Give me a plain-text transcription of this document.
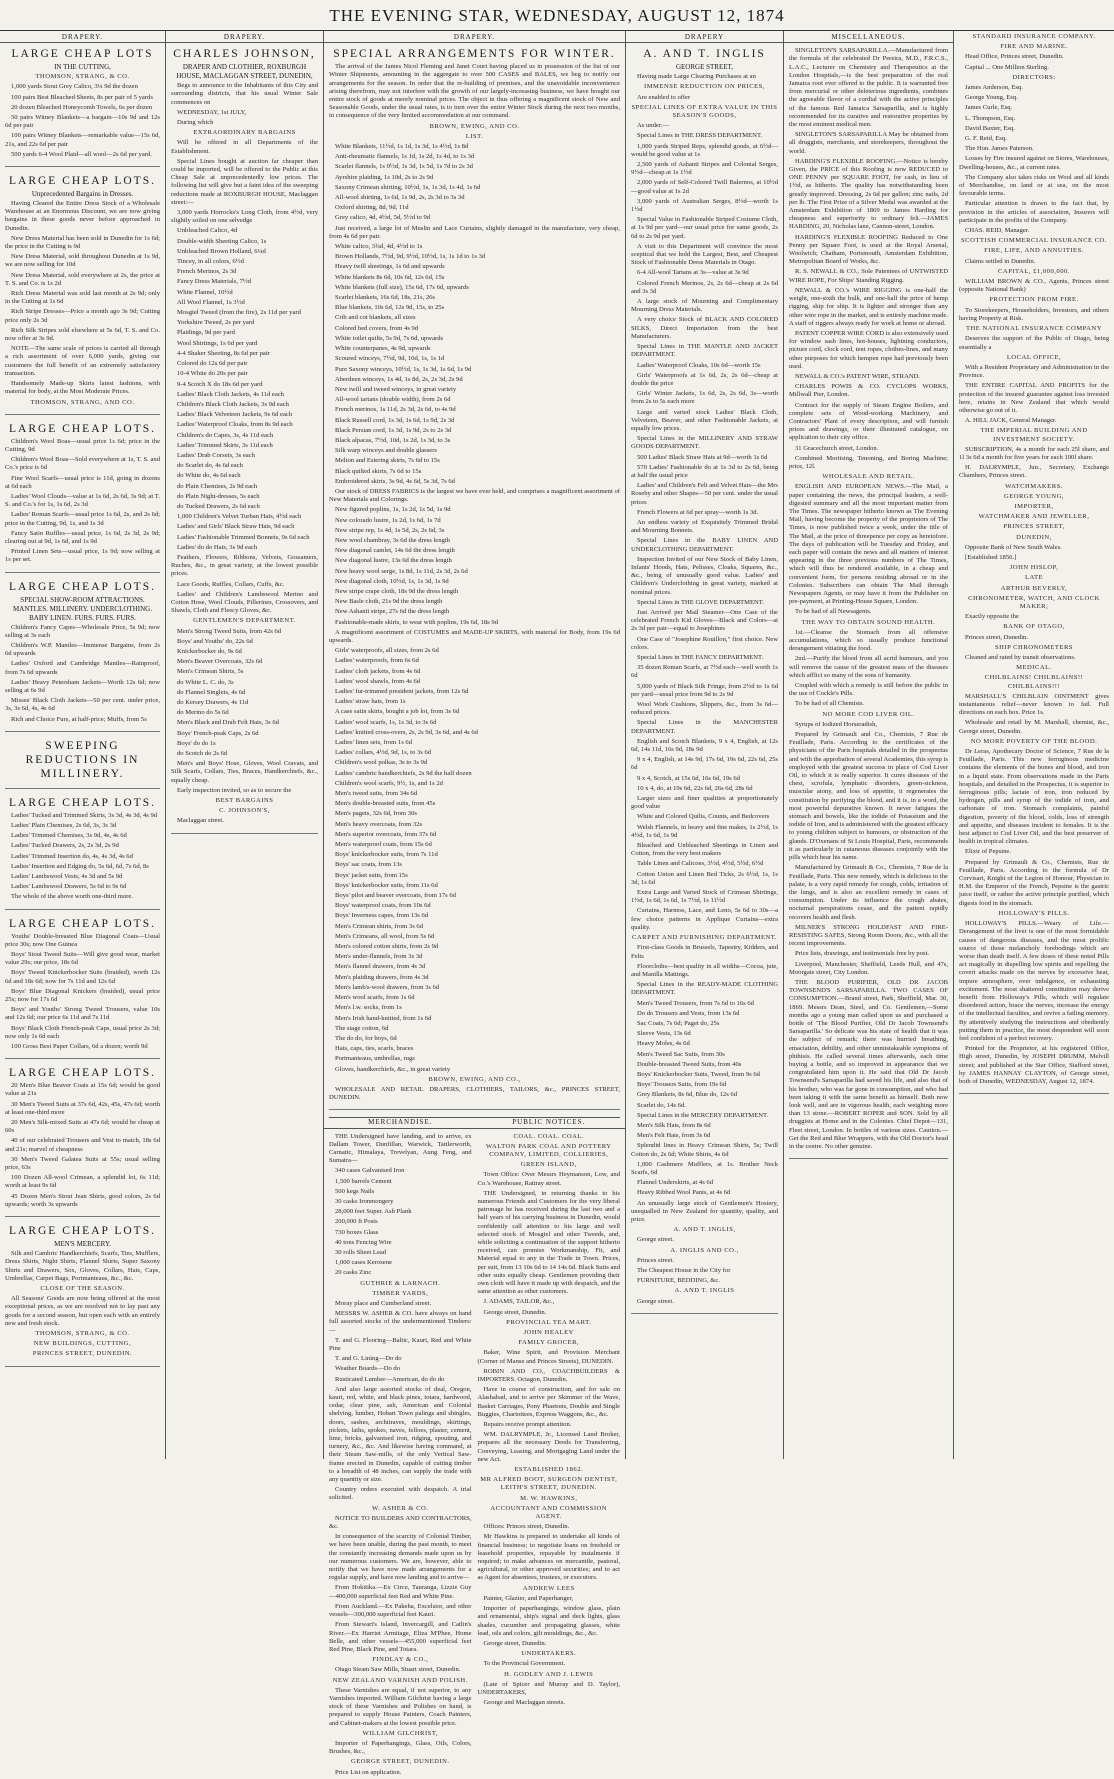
THE EVENING STAR, WEDNESDAY, AUGUST 12, 1874
DRAPERY.
LARGE CHEAP LOTS
IN THE CUTTING,

THOMSON, STRANG, & CO.

1,000 yards Stout Grey Calico, 3¼ 9d the dozen

100 pairs Best Bleached Sheets, 8s per pair of 5 yards

20 dozen Bleached Honeycomb Towels, 6s per dozen

50 pairs Witney Blankets—a bargain—10s 9d and 12s 6d per pair

100 pairs Witney Blankets—remarkable value—15s 6d, 21s, and 22s 6d per pair

500 yards 6-4 Wool Plaid—all wool—2s 6d per yard.

LARGE CHEAP LOTS.
Unprecedented Bargains in Dresses.

Having Cleared the Entire Dress Stock of a Wholesale Warehouse at an Enormous Discount, we are now giving bargains in these goods never before approached in Dunedin.

New Dress Material has been sold in Dunedin for 1s 6d; the price in the Cutting is 9d

New Dress Material, sold throughout Dunedin at 1s 9d, we are now selling for 10d

New Dress Material, sold everywhere at 2s, the price at T. S. and Co. is 1s 2d

Rich Dress Material was sold last month at 2s 9d; only in the Cutting at 1s 6d

Rich Stripe Dresses—Price a month ago 3s 9d; Cutting price only 2s 3d

Rich Silk Stripes sold elsewhere at 5s 6d, T. S. and Co. now offer at 3s 9d.

NOTE—The same scale of prices is carried all through a rich assortment of over 6,000 yards, giving our customers the full benefit of an extremely satisfactory transaction.

Handsomely Made-up Skirts latest fashions, with material for body, at the Most Moderate Prices.

THOMSON, STRANG, AND CO.

LARGE CHEAP LOTS.

Children's Wool Boas—usual price 1s 6d; price in the Cutting, 9d

Children's Wool Boas—Sold everywhere at 1s, T. S. and Co.'s price is 6d

Fine Wool Scarfs—usual price is 11d, going in dozens at 6d each

Ladies' Wool Clouds—value at 1s 6d, 2s 6d, 3s 9d; at T. S. and Co.'s for 1s, 1s 6d, 2s 3d

Ladies' Roman Scarfs—usual price 1s 6d, 2s, and 2s 6d; price in the Cutting, 9d, 1s, and 1s 3d

Fancy Satin Ruffles—usual price, 1s 6d, 2s 3d, 2s 9d; clearing out at 9d, 1s 6d, and 1s 9d

Printed Linen Sets—usual price, 1s 9d; now selling at 1s per set.

LARGE CHEAP LOTS.
SPECIAL SHOW-ROOM ATTRACTIONS. MANTLES. MILLINERY. UNDERCLOTHING. BABY LINEN. FURS. FURS. FURS.

Children's Fancy Capes—Wholesale Price, 5s 9d; now selling at 3s each

Children's W.P. Mantles—Immense Bargains, from 2s 6d upwards

Ladies' Oxford and Cambridge Mantles—Rainproof, from 7s 6d upwards

Ladies' Heavy Petersham Jackets—Worth 12s 6d; now selling at 6s 9d

Misses' Black Cloth Jackets—50 per cent. under price, 3s, 3s 6d, 4s, 4s 6d

Rich and Choice Furs, at half-price; Muffs, from 5s

SWEEPING REDUCTIONS IN MILLINERY.
LARGE CHEAP LOTS.

Ladies' Tucked and Trimmed Skirts, 3s 3d, 4s 3d, 4s 9d

Ladies' Plain Chemises, 2s 6d, 3s, 3s 3d

Ladies' Trimmed Chemises, 3s 9d, 4s, 4s 6d

Ladies' Tucked Drawers, 2s, 2s 3d, 2s 9d

Ladies' Trimmed Insertion do, 4s, 4s 3d, 4s 6d

Ladies' Insertion and Edging do, 5s 6d, 6d, 7s 6d, 8s

Ladies' Lambswool Vests, 4s 3d and 5s 9d

Ladies' Lambswool Drawers, 5s 6d to 9s 6d

The whole of the above worth one-third more.

LARGE CHEAP LOTS.

Youths' Double-breasted Blue Diagonal Coats—Usual price 30s; now One Guinea

Boys' Stout Tweed Suits—Will give good wear, market value 29s; our price, 18s 6d

Boys' Tweed Knickerbocker Suits (braided), worth 12s 6d and 18s 6d; now for 7s 11d and 12s 6d

Boys' Blue Diagonal Knickers (braided), usual price 25s; now for 17s 6d

Boys' and Youths' Strong Tweed Trousers, value 10s and 12s 6d; our price 6s 11d and 7s 11d

Boys' Black Cloth French-peak Caps, usual price 2s 3d; now only 1s 6d each

100 Gross Best Paper Collars, 6d a dozen; worth 9d

LARGE CHEAP LOTS.

20 Men's Blue Beaver Coats at 15s 6d; would be good value at 21s

30 Men's Tweed Suits at 37s 6d, 42s, 45s, 47s 6d; worth at least one-third more

20 Men's Silk-mixed Suits at 47s 6d; would be cheap at 60s

40 of our celebrated Trousers and Vest to match, 18s 6d and 21s; marvel of cheapness

30 Men's Tweed Galatea Suits at 55s; usual selling price, 63s

100 Dozen All-wool Crimean, a splendid lot, 6s 11d; worth at least 9s 6d

45 Dozen Men's Stout Jean Shirts, good colors, 2s 6d upwards; worth 3s upwards

LARGE CHEAP LOTS.
MEN'S MERCERY.

Silk and Cambric Handkerchiefs, Scarfs, Ties, Mufflers, Dress Shirts, Night Shirts, Flannel Shirts, Super Saxony Shirts and Drawers, Sox, Gloves, Collars, Hats, Caps, Umbrellas, Carpet Bags, Portmanteaus, &c., &c.

CLOSE OF THE SEASON.

All Seasons' Goods are now being offered at the most exceptional prices, as we are resolved not to lay past any goods for a second season, but open each with an entirely new and fresh stock.

THOMSON, STRANG, & CO.

NEW BUILDINGS, CUTTING,

PRINCES STREET, DUNEDIN.

DRAPERY.
CHARLES JOHNSON,
DRAPER AND CLOTHIER, ROXBURGH HOUSE, MACLAGGAN STREET, DUNEDIN,

Begs to announce to the Inhabitants of this City and surrounding districts, that his usual Winter Sale commences on

WEDNESDAY, 1st JULY,

During which

EXTRAORDINARY BARGAINS

Will be offered in all Departments of the Establishment.

Special Lines bought at auction far cheaper than could be imported, will be offered to the Public at this Cheap Sale at unprecedentedly low prices. The following list will give but a faint idea of the sweeping reductions made at ROXBURGH HOUSE, Maclaggan street:—

3,000 yards Horrocks's Long Cloth, from 4½d, very slightly soiled on one selvedge

Unbleached Calico, 4d

Double-width Sheeting Calico, 1s

Unbleached Brown Holland, 6¼d

Tincey, in all colors, 6½d

French Merinos, 2s 3d

Fancy Dress Materials, 7½d

White Flannel, 10½d

All Wool Flannel, 1s 3½d

Mosgiel Tweed (from the fire), 2s 11d per yard

Yorkshire Tweed, 2s per yard

Plaidings, 9d per yard

Wool Shirtings, 1s 6d per yard

4-4 Shaker Sheeting, 8s 6d per pair

Colored do 12s 6d per pair

10-4 White do 20s per pair

9-4 Scotch X do 18s 6d per yard

Ladies' Black Cloth Jackets, 4s 11d each

Children's Black Cloth Jackets, 3s 9d each

Ladies' Black Velveteen Jackets, 9s 6d each

Ladies' Waterproof Cloaks, from 8s 9d each

Children's do Capes, 3s, 4s 11d each

Ladies' Trimmed Skirts, 3s 11d each

Ladies' Drab Corsets, 3s each

do Scarlet do, 4s 6d each

do White do, 4s 6d each

do Plain Chemises, 2s 9d each

do Plain Night-dresses, 5s each

do Tucked Drawers, 2s 6d each

1,000 Children's Velvet Turban Hats, 4½d each

Ladies' and Girls' Black Straw Hats, 9d each

Ladies' Fashionable Trimmed Bonnets, 9s 6d each

Ladies' do do Hats, 3s 9d each

Feathers, Flowers, Ribbons, Velvets, Gossamers, Ruches, &c., in great variety, at the lowest possible prices.

Lace Goods, Ruffles, Collars, Cuffs, &c.

Ladies' and Children's Lambswool Merino and Cotton Hose, Wool Clouds, Pillerines, Crossovers, and Shawls, Cloth and Fleecy Gloves, &c.

GENTLEMEN'S DEPARTMENT.

Men's Strong Tweed Suits, from 42s 6d

Boys' and Youths' do, 22s 6d

Knickerbocker do, 9s 6d

Men's Beaver Overcoats, 32s 6d

Men's Crimean Shirts, 5s

do White L. C. do, 3s

do Flannel Singlets, 4s 6d

do Kersey Drawers, 4s 11d

do Merino do 5s 6d

Men's Black and Drab Felt Hats, 3s 6d

Boys' French-peak Caps, 2s 6d

Boys' do do 1s

do Scotch do 2s 6d

Men's and Boys' Hose, Gloves, Wool Cravats, and Silk Scarfs, Collars, Ties, Braces, Handkerchiefs, &c., equally cheap.

Early inspection invited, so as to secure the

BEST BARGAINS

C. JOHNSON'S,

Maclaggan street.

DRAPERY.
SPECIAL ARRANGEMENTS FOR WINTER.

The arrival of the James Nicol Fleming and Janet Court having placed us in possession of the list of our Winter Shipments, amounting in the aggregate to over 500 CASES and BALES, we beg to notify our arrangements for the season. In order that the re-building of premises, and the unavoidable inconvenience arising therefrom, may not interfere with the growth of our largely-increasing business, we have bought our entire stock of goods at merely nominal prices. The object in thus offering a magnificent stock of New and Seasonable Goods, under the usual rates, is to turn over the entire Winter Stock during the next two months, in consequence of the very limited accommodation at our command.

BROWN, EWING, AND CO.

LIST.

White Blankets, 11½d, 1s 1d, 1s 3d, 1s 4½d, 1s 8d

Anti-rheumatic flannels, 1s 1d, 1s 2d, 1s 4d, to 1s 3d

Scarlet flannels, 1s 0½d, 1s 3d, 1s 5d, 1s 7d to 2s 3d

Ayrshire plaiding, 1s 10d, 2s to 2s 9d

Saxony Crimean shirting, 10½d, 1s, 1s 3d, 1s 4d, 1s 6d

All-wool shirting, 1s 6d, 1s 9d, 2s, 2s 3d to 3s 3d

Oxford shirting, 8d, 9d, 11d

Grey calico, 4d, 4½d, 5d, 5½d to 9d

Just received, a large lot of Muslin and Lace Curtains, slightly damaged in the manufacture, very cheap, from 4s 6d per pair.

White calico, 3¾d, 4d, 4½d to 1s

Brown Hollands, 7½d, 9d, 9½d, 10½d, 1s, 1s 1d to 1s 3d

Heavy twill sheetings, 1s 6d and upwards

White blankets 8s 6d, 10s 6d, 12s 6d, 15s

White blankets (full size), 15s 6d, 17s 6d, upwards

Scarlet blankets, 16s 6d, 18s, 21s, 26s

Blue blankets, 10s 6d, 12s 9d, 15s, to 25s

Crib and cot blankets, all sizes

Colored bed covers, from 4s 9d

White toilet quilts, 5s 9d, 7s 6d, upwards

White counterpanes, 4s 9d, upwards

Scoured winceys, 7½d, 9d, 10d, 1s, 1s 1d

Pure Saxony winceys, 10½d, 1s, 1s 3d, 1s 6d, 1s 9d

Aberdeen winceys, 1s 4d, 1s 8d, 2s, 2s 3d, 2s 9d

New twill and tweed winceys, in great variety

All-wool tartans (double width), from 2s 6d

French merinos, 1s 11d, 2s 3d, 2s 6d, to 4s 9d

Black Russell cord, 1s 3d, 1s 6d, 1s 9d, 2s 3d

Black Persian cord, 1s 3d, 1s 9d, 2s to 2s 3d

Black alpacas, 7½d, 10d, 1s 2d, 1s 3d, to 3s

Silk warp winceys and double glassers

Melton and Estering skirts, 7s 6d to 15s

Black quilted skirts, 7s 6d to 15s

Embroidered skirts, 3s 9d, 4s 6d, 5s 3d, 7s 6d

Our stock of DRESS FABRICS is the largest we have ever held, and comprises a magnificent assortment of New Materials and Colorings.

New figured poplins, 1s, 1s 2d, 1s 5d, 1s 9d

New colorado lustre, 1s 2d, 1s 6d, 1s 7d

New stripe rep, 1s 4d, 1s 5d, 2s, 2s 6d, 3s

New wool chambray, 3s 6d the dress length

New diagonal camlet, 14s 6d the dress length

New diagonal lustre, 13s 6d the dress length

New heavy wool serge, 1s 8d, 1s 11d, 2s 3d, 2s 6d

New diagonal cloth, 10½d, 1s, 1s 3d, 1s 9d

New stripe crape cloth, 18s 9d the dress length

New Basle cloth, 21s 9d the dress length

New Ashanti stripe, 27s 6d the dress length

Fashionable-made skirts, to wear with poplins, 19s 6d, 18s 9d

A magnificent assortment of COSTUMES and MADE-UP SKIRTS, with material for Body, from 19s 6d upwards.

Girls' waterproofs, all sizes, from 2s 6d

Ladies' waterproofs, from 6s 6d

Ladies' cloth jackets, from 4s 6d

Ladies' wool shawls, from 4s 6d

Ladies' fur-trimmed president jackets, from 12s 6d

Ladies' straw hats, from 1s

A case satin skirts, bought a job lot, from 3s 6d

Ladies' wool scarfs, 1s, 1s 3d, to 3s 6d

Ladies' knitted cross-overs, 2s, 2s 9d, 3s 6d, and 4s 6d

Ladies' linen sets, from 1s 6d

Ladies' collars, 4½d, 9d, 1s, to 3s 6d

Children's wool polkas, 3s to 3s 9d

Ladies' cambric handkerchiefs, 2s 9d the half dozen

Children's wool scarfs, 9½, 1s, and 1s 2d

Men's tweed suits, from 34s 6d

Men's double-breasted suits, from 45s

Men's pagets, 32s 6d, from 30s

Men's heavy overcoats, from 32s

Men's superior overcoats, from 37s 6d

Men's waterproof coats, from 15s 6d

Boys' knickerbocker suits, from 7s 11d

Boys' sac coats, from 13s

Boys' jacket suits, from 15s

Boys' knickerbocker suits, from 11s 6d

Boys' pilot and beaver overcoats, from 17s 6d

Boys' waterproof coats, from 10s 6d

Boys' Inverness capes, from 13s 6d

Men's Crimean shirts, from 3s 6d

Men's Crimeans, all wool, from 5s 6d

Men's colored cotton shirts, from 2s 9d

Men's under-flannels, from 3s 3d

Men's flannel drawers, from 4s 3d

Men's plaiding drawers, from 4s 3d

Men's lamb's-wool drawers, from 3s 6d

Men's wool scarfs, from 1s 6d

Men's l.w. socks, from 1s

Men's Irish hand-knitted, from 1s 6d

The stage cotton, 6d

The do do, for boys, 6d

Hats, caps, ties, scarfs, braces

Portmanteaus, umbrellas, rugs

Gloves, handkerchiefs, &c., in great variety

BROWN, EWING, AND CO.,

WHOLESALE AND RETAIL DRAPERS, CLOTHIERS, TAILORS, &c., PRINCES STREET, DUNEDIN.

MERCHANDISE.

THE Undersigned have landing, and to arrive, ex Dallam Tower, Dunfillan, Warwick, Tattlerworth, Carnatic, Himalaya, Trevelyan, Aung Feng, and Sumatra—

340 cases Galvanised Iron

1,500 barrels Cement

500 kegs Nails

30 casks Ironmongery

28,000 feet Super. Ash Plank

200,000 ft Posts

730 boxes Glass

40 tons Fencing Wire

30 rolls Sheet Lead

1,000 cases Kerosene

20 casks Zinc

GUTHRIE & LARNACH.

TIMBER YARDS,

Moray place and Cumberland street.

MESSRS W. ASHER & CO. have always on hand full assorted stocks of the undermentioned Timbers:—

T. and G. Flooring—Baltic, Kauri, Red and White Pine

T. and G. Lining—Do do

Weather Boards—Do do

Rusticated Lumber—American, do do do

And also large assorted stocks of deal, Oregon, kauri, red, white, and black pines, totara, hardwood, cedar, clear pine, ash, American and Colonial shelving, lumber, Hobart Town palings and shingles, doors, sashes, architraves, mouldings, skirtings, pickets, laths, spokes, naves, felloes, plaster, cement, lime, bricks, galvanised iron, ridging, spouting, and turnery, &c., &c. And likewise having command, at their Steam Saw-mills, of the only Vertical Saw-frame erected in Dunedin, capable of cutting timber to a breadth of 48 inches, can supply the trade with any quantity or size.

Country orders executed with despatch. A trial solicited.

W. ASHER & CO.

NOTICE TO BUILDERS AND CONTRACTORS, &c.

In consequence of the scarcity of Colonial Timber, we have been unable, during the past month, to meet the constantly increasing demands made upon us by our numerous customers. We are, however, able to notify that we have now made arrangements for a regular supply, and have now landing and to arrive—

From Hokitika.—Ex Circe, Tauranga, Lizzie Guy—400,000 superficial feet Red and White Pine.

From Auckland.—Ex Pakeha, Excelsior, and other vessels—300,000 superficial feet Kauri.

From Stewart's Island, Invercargill, and Catlin's River.—Ex Harriet Armitage, Eliza M'Phee, Home Belle, and other vessels—455,000 superficial feet Red Pine, Black Pine, and Totara.

FINDLAY & CO.,

Otago Steam Saw Mills, Stuart street, Dunedin.

NEW ZEALAND VARNISH AND POLISH.

These Varnishes are equal, if not superior, to any Varnishes imported. William Gilchrist having a large stock of these Varnishes and Polishes on hand, is prepared to supply House Painters, Coach Painters, and Cabinet-makers at the lowest possible price.

WILLIAM GILCHRIST,

Importer of Paperhangings, Glass, Oils, Colors, Brushes, &c.,

GEORGE STREET, DUNEDIN.

Price List on application.

PUBLIC NOTICES.

COAL. COAL. COAL.

WALTON PARK COAL AND POTTERY COMPANY, LIMITED, COLLIERIES,

GREEN ISLAND,

Town Office: Over Messrs Heymanson, Low, and Co.'s Warehouse, Rattray street.

THE Undersigned, in returning thanks to his numerous Friends and Customers for the very liberal patronage he has received during the last two and a half years of his carrying business in Dunedin, would confidently call attention to his large and well selected stock of Mosgiel and other Tweeds, and, while soliciting a continuation of the support hitherto received, can promise Workmanship, Fit, and Material equal to any in the Trade in Town. Prices, per suit, from 13 10s 6d to 14 14s 6d. Black Suits and other suits equally cheap. Gentlemen providing their own cloth will have it made up with despatch, and the same attention as other customers.

J. ADAMS, TAILOR, &c.,

George street, Dunedin.

PROVINCIAL TEA MART.

JOHN HEALEY

FAMILY GROCER,

Baker, Wine Spirit, and Provision Merchant (Corner of Manse and Princes Streets), DUNEDIN.

ROBIN AND CO., COACHBUILDERS & IMPORTERS. Octagon, Dunedin.

Have in course of construction, and for sale on Alashabad, and to arrive per Skimmer of the Wave, Basket Carriages, Pony Phaetons, Double and Single Buggies, Chariottees, Express Waggons, &c., &c.

Repairs receive prompt attention.

WM. DALRYMPLE, Jr., Licensed Land Broker, prepares all the necessary Deeds for Transferring, Conveying, Leasing, and Mortgaging Land under the new Act.

ESTABLISHED 1862.

MR ALFRED BOOT, SURGEON DENTIST, LEITH'S STREET, DUNEDIN.

M. W. HAWKINS,

ACCOUNTANT AND COMMISSION AGENT.

Offices: Princes street, Dunedin.

Mr Hawkins is prepared to undertake all kinds of financial business; to negotiate loans on freehold or leasehold properties, repayable by instalments if required; to make advances on mercantile, pastoral, agricultural, or other approved securities; and to act as Agent for absentees, trustees, or executors.

ANDREW LEES

Painter, Glazier, and Paperhanger,

Importer of paperhangings, window glass, plain and ornamental, ship's signal and deck lights, glass shades, cucumber and propagating glasses, white lead, oils and colors, gilt mouldings, &c., &c.

George street, Dunedin.

UNDERTAKERS.

To the Provincial Government.

H. GODLEY AND J. LEWIS

(Late of Spicer and Murray and D. Taylor), UNDERTAKERS,

George and Maclaggan streets.

DRAPERY
A. AND T. INGLIS
GEORGE STREET,

Having made Large Clearing Purchases at an

IMMENSE REDUCTION ON PRICES,

Are enabled to offer

SPECIAL LINES OF EXTRA VALUE IN THIS SEASON'S GOODS,

As under:—

Special Lines in THE DRESS DEPARTMENT.

1,000 yards Striped Reps, splendid goods, at 6½d—would be good value at 1s

2,500 yards of Ashanti Stripes and Colonial Serges, 9½d—cheap at 1s 1½d

2,000 yards of Self-Colored Twill Balernos, at 10½d—good value at 1s 2d

3,000 yards of Australian Serges, 8½d—worth 1s 1½d

Special Value in Fashionable Striped Costume Cloth, at 1s 9d per yard—our usual price for same goods, 2s 6d to 2s 9d per yard.

A visit to this Department will convince the most sceptical that we hold the Largest, Best, and Cheapest Stock of Fashionable Dress Materials in Otago.

6-4 All-wool Tartans at 3s—value at 3s 9d

Colored French Merinos, 2s, 2s 6d—cheap at 2s 6d and 3s 3d

A large stock of Mourning and Complimentary Mourning Dress Materials.

A very choice Stock of BLACK AND COLORED SILKS, Direct Importation from the best Manufacturers.

Special Lines in THE MANTLE AND JACKET DEPARTMENT.

Ladies' Waterproof Cloaks, 10s 6d—worth 15s

Girls' Waterproofs at 1s 6d, 2s, 2s 6d—cheap at double the price

Girls' Winter Jackets, 1s 6d, 2s, 2s 6d, 3s—worth from 2s to 5s each more

Large and varied stock Ladies' Black Cloth, Velveteen, Beaver, and other Fashionable Jackets, at equally low prices.

Special Lines in the MILLINERY AND STRAW GOODS DEPARTMENT.

500 Ladies' Black Straw Hats at 9d—worth 1s 6d

570 Ladies' Fashionable do at 1s 3d to 2s 6d, being at half the usual price

Ladies' and Children's Felt and Velvet Hats—the Mrs Roseby and other Shapes—50 per cent. under the usual prices

French Flowers at 6d per spray—worth 1s 3d.

An endless variety of Exquisitely Trimmed Bridal and Mourning Bonnets.

Special Lines in the BABY LINEN AND UNDERCLOTHING DEPARTMENT.

Inspection Invited of our New Stock of Baby Linen, Infants' Hoods, Hats, Pelisses, Cloaks, Squares, &c., &c., being of unusually good value. Ladies' and Children's Underclothing in great variety, marked at nominal prices.

Special Lines in THE GLOVE DEPARTMENT.

Just Arrived per Mail Steamer—One Case of the celebrated French Kid Gloves—Black and Colors—at 2s 3d per pair—equal to Josephines

One Case of "Josephine Rouillon," first choice. New colors.

Special Lines in THE FANCY DEPARTMENT.

35 dozen Roman Scarfs, at 7½d each—well worth 1s 6d

5,000 yards of Black Silk Fringe, from 2½d to 1s 6d per yard—usual price from 9d to 2s 9d

Wool Work Cushions, Slippers, &c., from 3s 6d—reduced prices.

Special Lines in the MANCHESTER DEPARTMENT.

English and Scotch Blankets, 9 x 4, English, at 12s 6d, 14s 11d, 16s 9d, 18s 9d

9 x 4, English, at 14s 9d, 17s 6d, 19s 6d, 22s 6d, 25s 6d

9 x 4, Scotch, at 15s 6d, 16s 6d, 19s 6d

10 x 4, do, at 19s 6d, 22s 6d, 26s 6d, 28s 6d

Larger sizes and finer qualities at proportionately good value

White and Colored Quilts, Counts, and Bedcovers

Welsh Flannels, in heavy and fine makes, 1s 2½d, 1s 4½d, 1s 6d, 1s 9d

Bleached and Unbleached Sheetings in Linen and Cotton, from the very best makers

Table Linen and Calicoes, 3½d, 4½d, 5½d, 6½d

Cotton Union and Linen Bed Ticks, 2s 6½d, 1s, 1s 3d, 1s 6d

Extra Large and Varied Stock of Crimean Shirtings, 1½d, 1s 6d, 1s 6d, 1s 7½d, 1s 11½d

Curtains, Harness, Lace, and Leno, 5s 6d to 30s—a few choice patterns in Applique Curtains—extra quality.

CARPET AND FURNISHING DEPARTMENT.

First-class Goods in Brussels, Tapestry, Kidders, and Felts

Floorcloths—best quality in all widths—Cocoa, jute, and Manilla Mattings.

Special Lines in the READY-MADE CLOTHING DEPARTMENT.

Men's Tweed Trousers, from 7s 6d to 16s 6d

Do do Trousers and Vests, from 13s 6d

Sac Coats, 7s 6d; Paget do, 25s

Sleeve Vests, 13s 6d

Heavy Moles, 4s 6d

Men's Tweed Sac Suits, from 30s

Double-breasted Tweed Suits, from 40s

Boys' Knickerbocker Suits, Tweed, from 9s 6d

Boys' Trousers Suits, from 19s 6d

Grey Blankets, 8s 6d, Blue do, 12s 6d

Scarlet do, 14s 6d.

Special Lines in the MERCERY DEPARTMENT.

Men's Silk Hats, from 8s 6d

Men's Felt Hats, from 3s 6d

Splendid lines in Heavy Crimean Shirts, 5s; Twill Cotton do, 2s 6d; White Shirts, 4s 6d

1,000 Cashmere Mufflers, at 1s. Brother Neck Scarfs, 6d

Flannel Underskirts, at 4s 6d

Heavy Ribbed Wool Pants, at 4s 6d

An unusually large stock of Gentlemen's Hosiery, unequalled in New Zealand for quantity, quality, and price.

A. AND T. INGLIS,

George street.

A. INGLIS AND CO.,

Princes street.

The Cheapest House in the City for

FURNITURE, BEDDING, &c.

A. AND T. INGLIS

George street.

MISCELLANEOUS.

SINGLETON'S SARSAPARILLA.—Manufactured from the formula of the celebrated Dr Pereira, M.D., F.R.C.S., L.A.C., Lecturer on Chemistry and Therapeutics at the London Hospitals,—is the best preparation of the real Jamaica root ever offered to the public. It is warranted free from mercurial or other deleterious ingredients, combines the agreeable flavor of a cordial with the active principles of the famous Red Jamaica Sarsaparilla, and is highly recommended for its curative and restorative properties by the most eminent medical men.

SINGLETON'S SARSAPARILLA May be obtained from all druggists, merchants, and storekeepers, throughout the world.

HARDING'S FLEXIBLE ROOFING.—Notice is hereby Given, the PRICE of this Roofing is now REDUCED to ONE PENNY per SQUARE FOOT, for cash, in lieu of 1½d, as hitherto. The quality has notwithstanding been greatly improved. Dressing, 2s 6d per gallon; zinc nails, 2d per lb. The First Prize of a Silver Medal was awarded at the Amsterdam Exhibition of 1869 to James Harding for cheapness and superiority to ordinary felt.—JAMES HARDING, 20, Nicholas lane, Cannon-street, London.

HARDING'S FLEXIBLE ROOFING Reduced to One Penny per Square Foot, is used at the Royal Arsenal, Woolwich; Chatham, Portsmouth, Amsterdam Exhibition, Metropolitan Board of Works, &c.

R. S. NEWALL & CO., Sole Patentees of UNTWISTED WIRE ROPE, For Ships' Standing Rigging.

NEWALL & CO.'s WIRE RIGGING is one-half the weight, one-sixth the bulk, and one-half the price of hemp rigging, ship for ship. It is lighter and stronger than any other wire rope in the market, and is entirely machine made. A staff of riggers always ready for work at home or abroad.

PATENT COPPER WIRE CORD is also extensively used for window sash lines, hot-houses, lightning conductors, picture cord, clock cord, tent ropes, clothes-lines, and many other purposes for which hempen rope had previously been used.

NEWALL & CO.'s PATENT WIRE, STRAND.

CHARLES POWIS & CO. CYCLOPS WORKS, Millwall Pier, London.

Contract for the supply of Steam Engine Boilers, and complete sets of Wood-working Machinery, and Contractors' Plant of every description, and will furnish prices and drawings, or their illustrated catalogue, on application to their city office.

31 Gracechurch street, London.

Combined Mortising, Tenoning, and Boring Machine; price, 12l.

WHOLESALE AND RETAIL.

ENGLISH AND EUROPEAN NEWS.—The Mail, a paper containing the news, the principal leaders, a well-digested summary and all the most important matter from The Times. The newspaper hitherto known as The Evening Mail, having become the property of the proprietors of The Times, is now published twice a week, under the title of The Mail, at the price of threepence per copy as heretofore. The days of publication will be Tuesday and Friday, and each paper will contain the news and all matters of interest appearing in the three previous numbers of The Times, which will thus be rendered available, in a cheap and convenient form, for persons residing abroad or in the Colonies. Subscribers can obtain The Mail through Newspapers Agents, or may have it from the Publisher on pre-payment, at Printing-House Square, London.

To be had of all Newsagents.

THE WAY TO OBTAIN SOUND HEALTH.

1st.—Cleanse the Stomach from all offensive accumulations, which so usually produce functional derangement vitiating the food.

2nd.—Purify the blood from all acrid humours, and you will remove the cause of the greatest mass of the diseases which afflict so many of the sons of humanity.

Coupled with which a remedy is still before the public in the use of Cockle's Pills.

To be had of all Chemists.

NO MORE COD LIVER OIL.

Syrups of Iodized Horseradish,

Prepared by Grimault and Co., Chemists, 7 Rue de Feuillade, Paris. According to the certificates of the physicians of the Paris hospitals detailed in the prospectus and with the approbation of several Academies, this syrup is employed with the greatest success in place of Cod Liver Oil, to which it is really superior. It cures diseases of the chest, scrofula, lymphatic disorders, green-sickness, muscular atony, and loss of appetite, it regenerates the constitution by purifying the blood, and it is, in a word, the most powerful depurative known. It never fatigues the stomach and bowels, like the iodide of Potassium and the iodide of Iron, and is administered with the greatest efficacy to young children subject to humours, or obstruction of the glands. D'Oxenans of St Louis Hospital, Paris, recommends it as particularly in cutaneous diseases conjointly with the pills which bear his name.

Manufactured by Grimault & Co., Chemists, 7 Rue de la Feuillade, Paris. This new remedy, which is delicious to the palate, is a very rapid remedy for cough, colds, irritation of the lungs, and is also an excellent remedy in cases of consumption. Under its influence the cough abates, nocturnal perspirations cease, and the patient rapidly recovers health and flesh.

MILNER'S STRONG HOLDFAST AND FIRE-RESISTING SAFES, Strong Room Doors, &c., with all the recent improvements.

Price lists, drawings, and testimonials free by post.

Liverpool, Manchester, Sheffield, Leeds Hull, and 47s, Moorgate street, City London.

THE BLOOD PURIFIER, OLD DR JACOB TOWNSEND'S SARSAPARILLA. TWO CASES OF CONSUMPTION.—Brand street, Park, Sheffield, Mar. 30, 1869. Messrs Dean, Steel, and Co. Gentlemen,—Some months ago a young man called upon us and purchased a bottle of 'The Blood Purifier, Old Dr Jacob Townsend's Sarsaparilla.' So delicate was his state of health that it was the subject of remark; there was hurried breathing, emaciation, debility, and other unmistakeable symptoms of phthisis. He called several times afterwards, each time buying a bottle, and so improved in appearance that we congratulated him upon it. He said that Old Dr Jacob Townsend's Sarsaparilla had saved his life, and also that of his brother, who was far gone in consumption, and who had been taking it with the same benefit as himself. Both now look well, and are in vigorous health, each weighing more than 13 stone.—ROBERT ROPER and SON. Sold by all druggists at Home and in the Colonies. Chief Depot—131, Fleet street, London. In bottles of various sizes. Caution.—Get the Red and Blue Wrappers, with the Old Doctor's head in the centre. No other genuine.

STANDARD INSURANCE COMPANY.

FIRE AND MARINE.

Head Office, Princes street, Dunedin.

Capital ... One Million Sterling.

DIRECTORS:

James Anderson, Esq.

George Young, Esq.

James Curle, Esq.

L. Thompson, Esq.

David Baxter, Esq.

G. F. Reid, Esq.

The Hon. James Paterson.

Losses by Fire insured against on Stores, Warehouses, Dwelling-houses, &c., at current rates.

The Company also takes risks on Wool and all kinds of Merchandise, on land or at sea, on the most favourable terms.

Particular attention is drawn to the fact that, by provision in the articles of association, Insurers will participate in the profits of the Company.

CHAS. REID, Manager.

SCOTTISH COMMERCIAL INSURANCE CO.

FIRE, LIFE, AND ANNUITIES.

Claims settled in Dunedin.

CAPITAL, £1,000,000.

WILLIAM BROWN & CO., Agents, Princes street (opposite National Bank)

PROTECTION FROM FIRE.

To Storekeepers, Householders, Investors, and others having Property at Risk.

THE NATIONAL INSURANCE COMPANY

Deserves the support of the Public of Otago, being essentially a

LOCAL OFFICE,

With a Resident Proprietary and Administration in the Province.

THE ENTIRE CAPITAL AND PROFITS for the protection of the insured guarantee against loss invested here, retains in New Zealand that which would otherwise go out of it.

A. HILL JACK, General Manager.

THE IMPERIAL BUILDING AND INVESTMENT SOCIETY.

SUBSCRIPTION, 4s a month for each 25l share, and 1l 3s 6d a month for five years for each 100l share.

H. DALRYMPLE, Jun., Secretary, Exchange Chambers, Princes street.

WATCHMAKERS.

GEORGE YOUNG,

IMPORTER,

WATCHMAKER AND JEWELLER,

PRINCES STREET,

DUNEDIN,

Opposite Bank of New South Wales.

[Established 1856.]

JOHN HISLOP,

LATE

ARTHUR BEVERLY,

CHRONOMETER, WATCH, AND CLOCK MAKER,

Exactly opposite the

BANK OF OTAGO,

Princes street, Dunedin.

SHIP CHRONOMETERS

Cleaned and rated by transit observations.

MEDICAL.

CHILBLAINS! CHILBLAINS!! CHILBLAINS!!!

MARSHALL'S CHILBLAIN OINTMENT gives instantaneous relief—never known to fail. Full directions on each box. Price 1s.

Wholesale and retail by M. Marshall, chemist, &c., George street, Dunedin.

NO MORE POVERTY OF THE BLOOD.

Dr Leras, Apothecary Doctor of Science, 7 Rue de la Feuillade, Paris. This new ferruginous medicine contains the elements of the bones and blood, and iron in a liquid state. From observations made in the Paris hospitals, and detailed in the Prospectus, it is superior to ferruginous pills; lactate of iron, iron reduced by hydrogen, pills and syrup of the iodide of iron, and carbonate of iron. Stomach complaints, painful digestion, poverty of the blood, colds, loss of strength and appetite, and diseases incident to females. It is the best adjunct to Cod Liver Oil, and the best preserver of health in tropical climates.

Elixir of Pepsine.

Prepared by Grimault & Co., Chemists, Rue de Feuillade, Paris. According to the formula of Dr Corvisart, Knight of the Legion of Honour, Physician to H.M. the Emperor of the French, Pepsine is the gastric juice itself, or rather the active principle purified, which digests food in the stomach.

HOLLOWAY'S PILLS.

HOLLOWAY'S PILLS.—Weary of Life.—Derangement of the liver is one of the most formidable causes of dangerous diseases, and the most prolific source of those melancholy forebodings which are worse than death itself. A few doses of these noted Pills act magically in dispelling low spirits and repelling the covert attacks made on the nerves by excessive heat, impure atmosphere, over indulgence, or exhausting excitement. The most shattered constitution may derive benefit from Holloway's Pills, which will regulate disordered action, brace the nerves, increase the energy of the intellectual faculties, and revive a failing memory. By attentively studying the instructions and obediently putting them in practice, the most despondent will soon feel confident of a perfect recovery.

Printed for the Proprietor, at his registered Office, High street, Dunedin, by JOSEPH DRUMM, Melvill street; and published at the Star Office, Stafford street, by JAMES HANNAY CLAYTON, of George street, both of Dunedin, WEDNESDAY, August 12, 1874.
